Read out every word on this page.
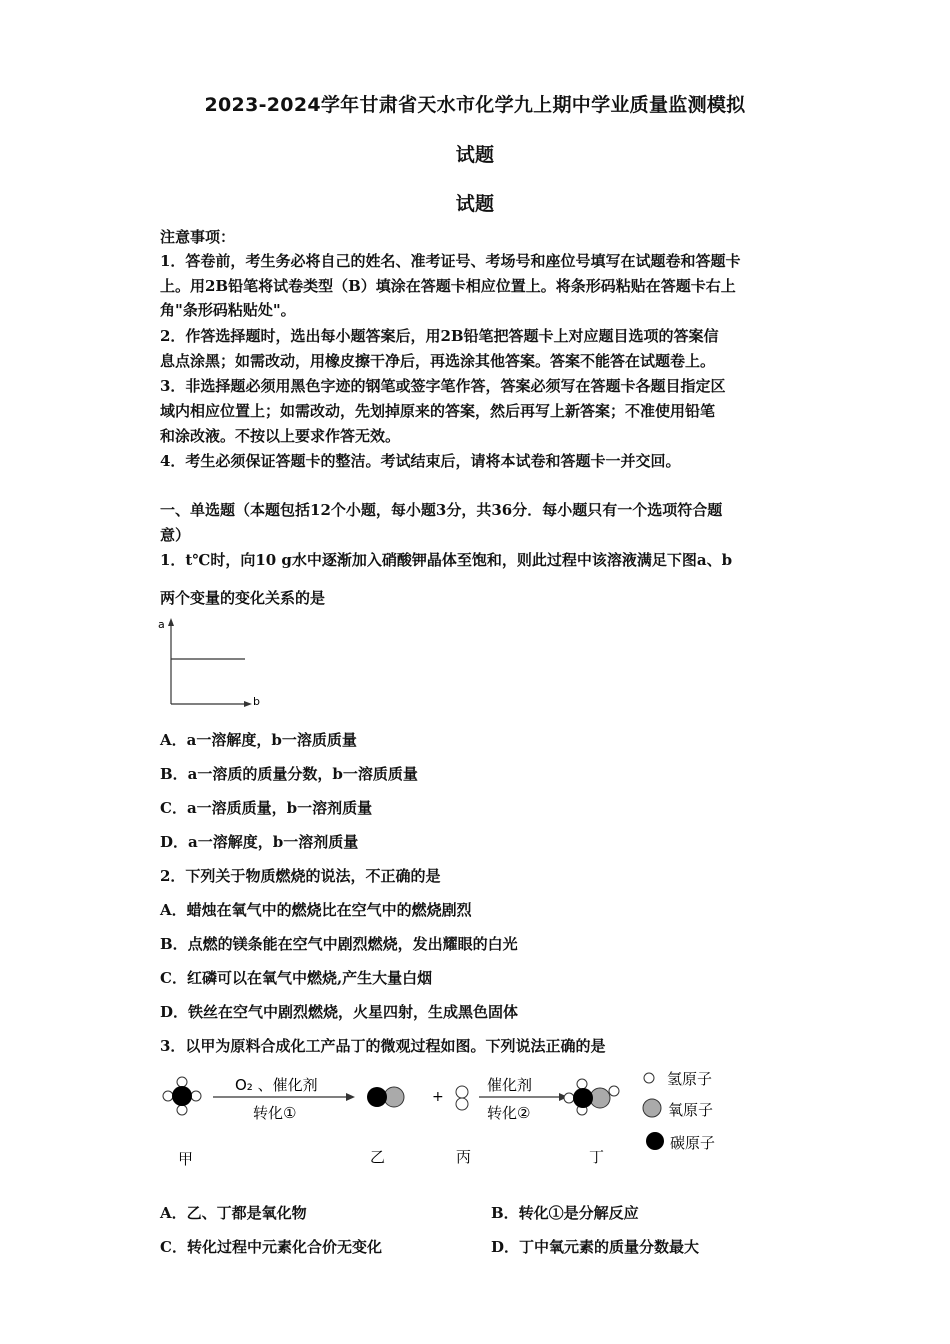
2023-2024学年甘肃省天水市化学九上期中学业质量监测模拟
试题
试题
注意事项：
1．答卷前，考生务必将自己的姓名、准考证号、考场号和座位号填写在试题卷和答题卡
上。用2B铅笔将试卷类型（B）填涂在答题卡相应位置上。将条形码粘贴在答题卡右上
角"条形码粘贴处"。
2．作答选择题时，选出每小题答案后，用2B铅笔把答题卡上对应题目选项的答案信
息点涂黑；如需改动，用橡皮擦干净后，再选涂其他答案。答案不能答在试题卷上。
3．非选择题必须用黑色字迹的钢笔或签字笔作答，答案必须写在答题卡各题目指定区
域内相应位置上；如需改动，先划掉原来的答案，然后再写上新答案；不准使用铅笔
和涂改液。不按以上要求作答无效。
4．考生必须保证答题卡的整洁。考试结束后，请将本试卷和答题卡一并交回。
一、单选题（本题包括12个小题，每小题3分，共36分．每小题只有一个选项符合题
意）
1．t℃时，向10 g水中逐渐加入硝酸钾晶体至饱和，则此过程中该溶液满足下图a、b
两个变量的变化关系的是
a
b
A．a一溶解度，b一溶质质量
B．a一溶质的质量分数，b一溶质质量
C．a一溶质质量，b一溶剂质量
D．a一溶解度，b一溶剂质量
2．下列关于物质燃烧的说法，不正确的是
A．蜡烛在氧气中的燃烧比在空气中的燃烧剧烈
B．点燃的镁条能在空气中剧烈燃烧，发出耀眼的白光
C．红磷可以在氧气中燃烧,产生大量白烟
D．铁丝在空气中剧烈燃烧，火星四射，生成黑色固体
3．以甲为原料合成化工产品丁的微观过程如图。下列说法正确的是
O₂ 、催化剂
转化①
+
催化剂
转化②
氢原子
氧原子
碳原子
甲	乙	丙	丁
A．乙、丁都是氧化物	B．转化①是分解反应
C．转化过程中元素化合价无变化	D．丁中氧元素的质量分数最大
